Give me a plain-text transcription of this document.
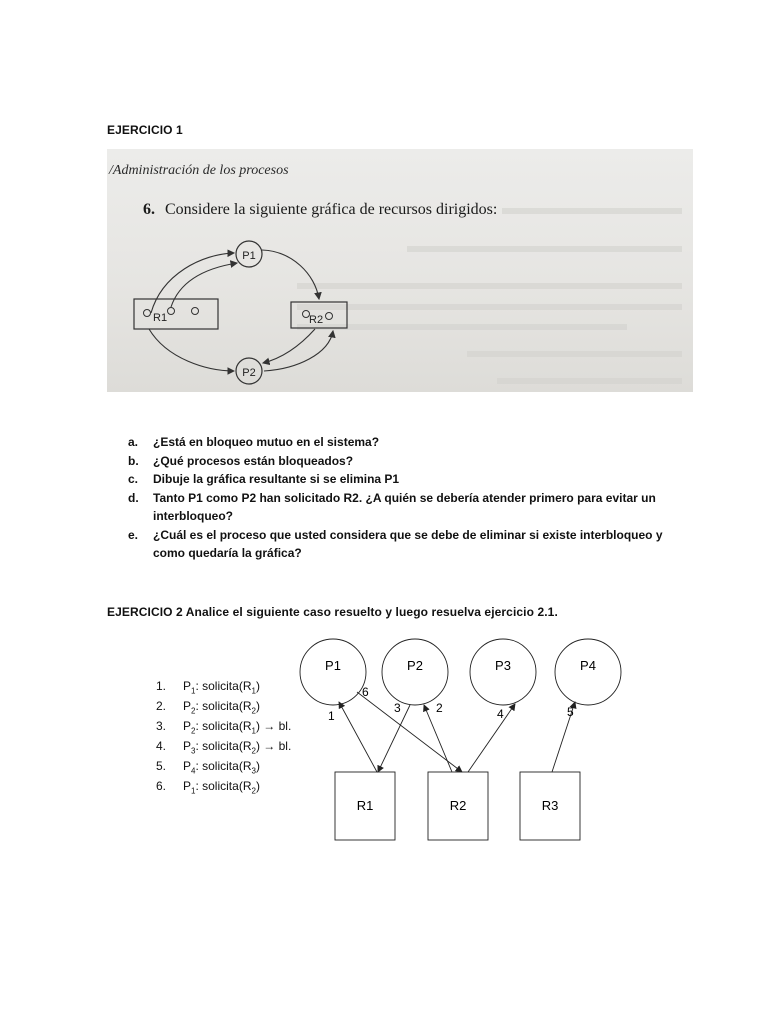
EJERCICIO 1

P1
P2
R1	R2
/Administración de los procesos
6. Considere la siguiente gráfica de recursos dirigidos:
a. ¿Está en bloqueo mutuo en el sistema?
b. ¿Qué procesos están bloqueados?
c. Dibuje la gráfica resultante si se elimina P1
d. Tanto P1 como P2 han solicitado R2. ¿A quién se debería atender primero para evitar un interbloqueo?
e. ¿Cuál es el proceso que usted considera que se debe de eliminar si existe interbloqueo y como quedaría la gráfica?
EJERCICIO 2 Analice el siguiente caso resuelto y luego resuelva ejercicio 2.1.
1. $P_1$: $solicita(R_1)$
2. $P_2$: $solicita(R_2)$
3. $P_2$: $solicita(R_1)$ → bl.
4. $P_3$: $solicita(R_2)$ → bl.
5. $P_4$: $solicita(R_3)$
6. $P_1$: $solicita(R_2)$
P1	P2	P3	P4
R1	R2	R3
1
6
3	2	4	5
